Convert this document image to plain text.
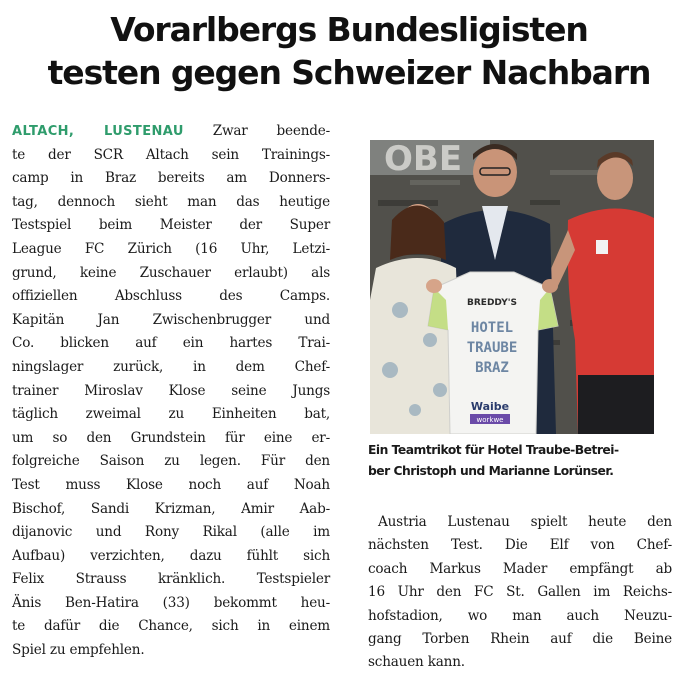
Vorarlbergs Bundesligisten
testen gegen Schweizer Nachbarn
ALTACH, LUSTENAU Zwar beende-
te der SCR Altach sein Trainings-
camp in Braz bereits am Donners-
tag, dennoch sieht man das heutige
Testspiel beim Meister der Super
League FC Zürich (16 Uhr, Letzi-
grund, keine Zuschauer erlaubt) als
offiziellen Abschluss des Camps.
Kapitän Jan Zwischenbrugger und
Co. blicken auf ein hartes Trai-
ningslager zurück, in dem Chef-
trainer Miroslav Klose seine Jungs
täglich zweimal zu Einheiten bat,
um so den Grundstein für eine er-
folgreiche Saison zu legen. Für den
Test muss Klose noch auf Noah
Bischof, Sandi Krizman, Amir Aab-
dijanovic und Rony Rikal (alle im
Aufbau) verzichten, dazu fühlt sich
Felix Strauss kränklich. Testspieler
Änis Ben-Hatira (33) bekommt heu-
te dafür die Chance, sich in einem
Spiel zu empfehlen.
OBE
BREDDY'S
HOTEL
TRAUBE
BRAZ
Waibe
workwe
Ein Teamtrikot für Hotel Traube-Betrei-
ber Christoph und Marianne Lorünser.
Austria Lustenau spielt heute den
nächsten Test. Die Elf von Chef-
coach Markus Mader empfängt ab
16 Uhr den FC St. Gallen im Reichs-
hofstadion, wo man auch Neuzu-
gang Torben Rhein auf die Beine
schauen kann.
